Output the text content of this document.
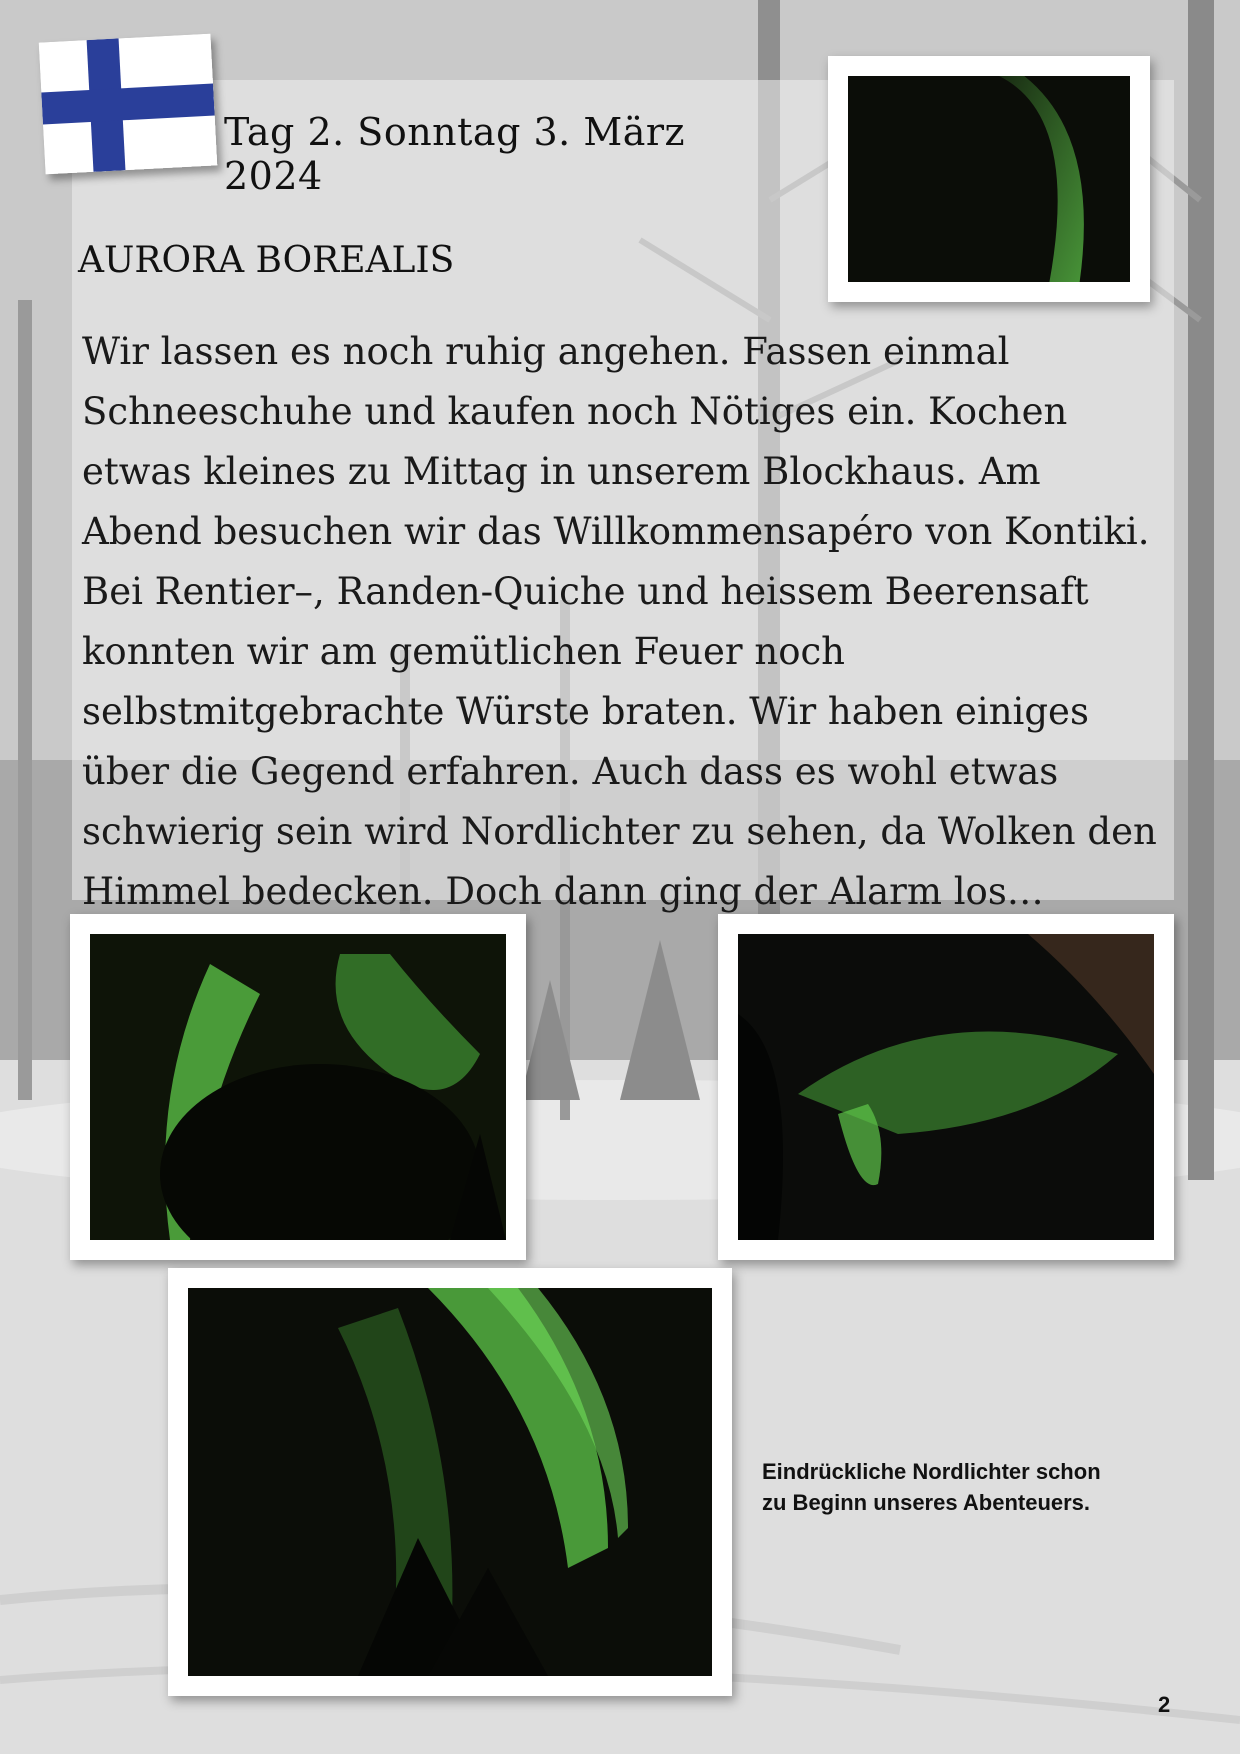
Tag 2. Sonntag 3. März 2024
AURORA BOREALIS
Wir lassen es noch ruhig angehen. Fassen einmal Schneeschuhe und kaufen noch Nötiges ein. Kochen etwas kleines zu Mittag in unserem Blockhaus. Am Abend besuchen wir das Willkommensapéro von Kontiki. Bei Rentier–, Randen-Quiche und heissem Beerensaft konnten wir am gemütlichen Feuer noch selbstmitgebrachte Würste braten. Wir haben einiges über die Gegend erfahren. Auch dass es wohl etwas schwierig sein wird Nordlichter zu sehen, da Wolken den Himmel bedecken. Doch dann ging der Alarm los…
Eindrückliche Nordlichter schon
zu Beginn unseres Abenteuers.
2
